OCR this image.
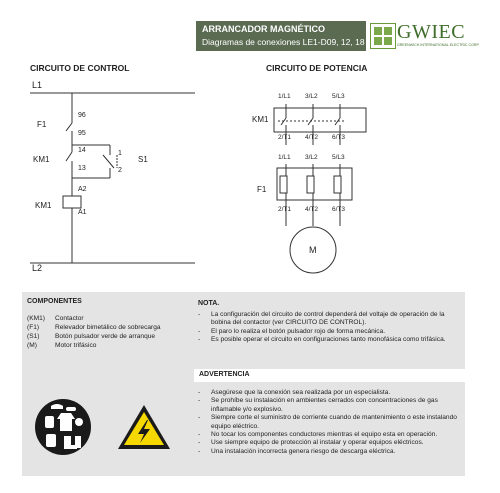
ARRANCADOR MAGNÉTICO
Diagramas de conexiones LE1-D09, 12, 18 GWIEC
GREENWICH INTERNATIONAL ELECTRIC CORP
CIRCUITO DE CONTROL
L1
L2
F1
96
95
KM1
14
13
S1
1
2
KM1
A2
A1
CIRCUITO DE POTENCIA
KM1
1/L1 3/L2 5/L3
2/T1 4/T2 6/T3
F1
1/L1 3/L2 5/L3
2/T1 4/T2 6/T3
M
COMPONENTES
(KM1) Contactor
(F1) Relevador bimetálico de sobrecarga
(S1) Botón pulsador verde de arranque
(M)	Motor trifásico
NOTA.
- La configuración del circuito de control dependerá del voltaje de operación de la bobina del contactor (ver CIRCUITO DE CONTROL).
- El paro lo realiza el botón pulsador rojo de forma mecánica.
- Es posible operar el circuito en configuraciones tanto monofásica como trifásica.
ADVERTENCIA
- Asegúrese que la conexión sea realizada por un especialista.
- Se prohíbe su instalación en ambientes cerrados con concentraciones de gas inflamable y/o explosivo.
- Siempre corte el suministro de corriente cuando de mantenimiento o este instalando equipo eléctrico.
- No tocar los componentes conductores mientras el equipo esta en operación.
- Use siempre equipo de protección al instalar y operar equipos eléctricos.
- Una instalación incorrecta genera riesgo de descarga eléctrica.
